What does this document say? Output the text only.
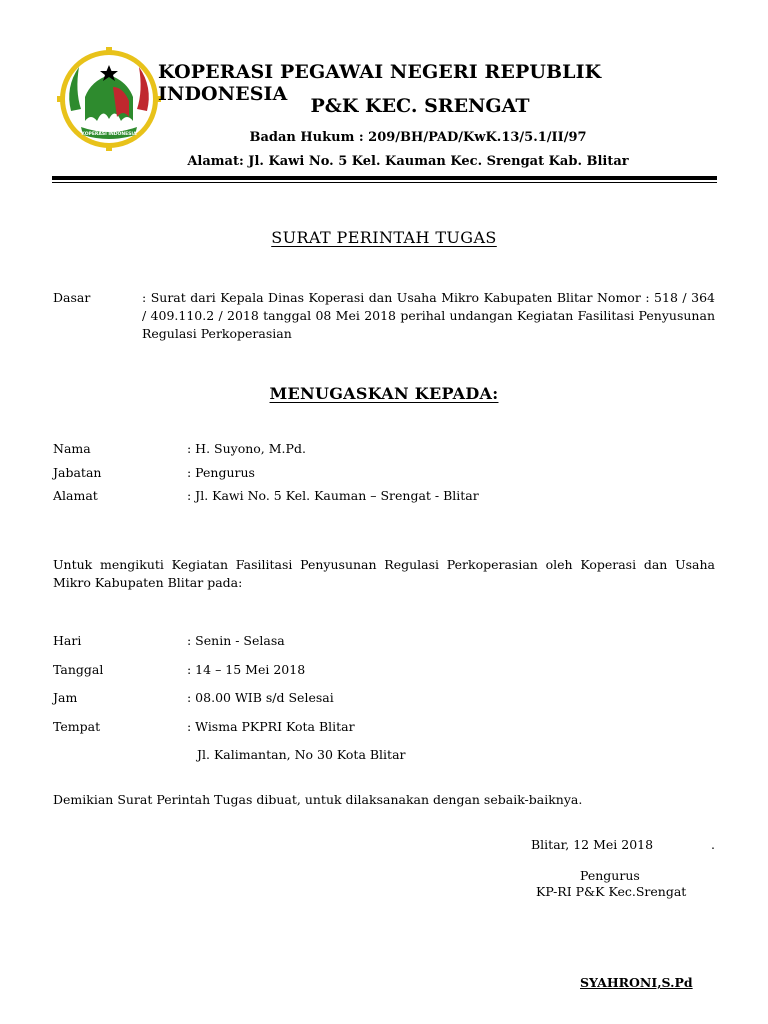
KOPERASI INDONESIA
KOPERASI PEGAWAI NEGERI REPUBLIK INDONESIA
P&K KEC. SRENGAT
Badan Hukum : 209/BH/PAD/KwK.13/5.1/II/97
Alamat: Jl. Kawi No. 5 Kel. Kauman Kec. Srengat Kab. Blitar
SURAT PERINTAH TUGAS
Dasar	: Surat dari Kepala Dinas Koperasi dan Usaha Mikro Kabupaten Blitar Nomor : 518 / 364 / 409.110.2 / 2018 tanggal 08 Mei 2018 perihal undangan Kegiatan Fasilitasi Penyusunan Regulasi Perkoperasian
MENUGASKAN KEPADA:
Nama	: H. Suyono, M.Pd.
Jabatan	: Pengurus
Alamat	: Jl. Kawi No. 5 Kel. Kauman – Srengat - Blitar
Untuk mengikuti Kegiatan Fasilitasi Penyusunan Regulasi Perkoperasian oleh Koperasi dan Usaha Mikro Kabupaten Blitar pada:
Hari	: Senin - Selasa
Tanggal	: 14 – 15 Mei 2018
Jam	: 08.00 WIB s/d Selesai
Tempat	: Wisma PKPRI Kota Blitar
Jl. Kalimantan, No 30 Kota Blitar
Demikian Surat Perintah Tugas dibuat, untuk dilaksanakan dengan sebaik-baiknya.
Blitar, 12 Mei 2018	.
Pengurus
KP-RI P&K Kec.Srengat
SYAHRONI,S.Pd
